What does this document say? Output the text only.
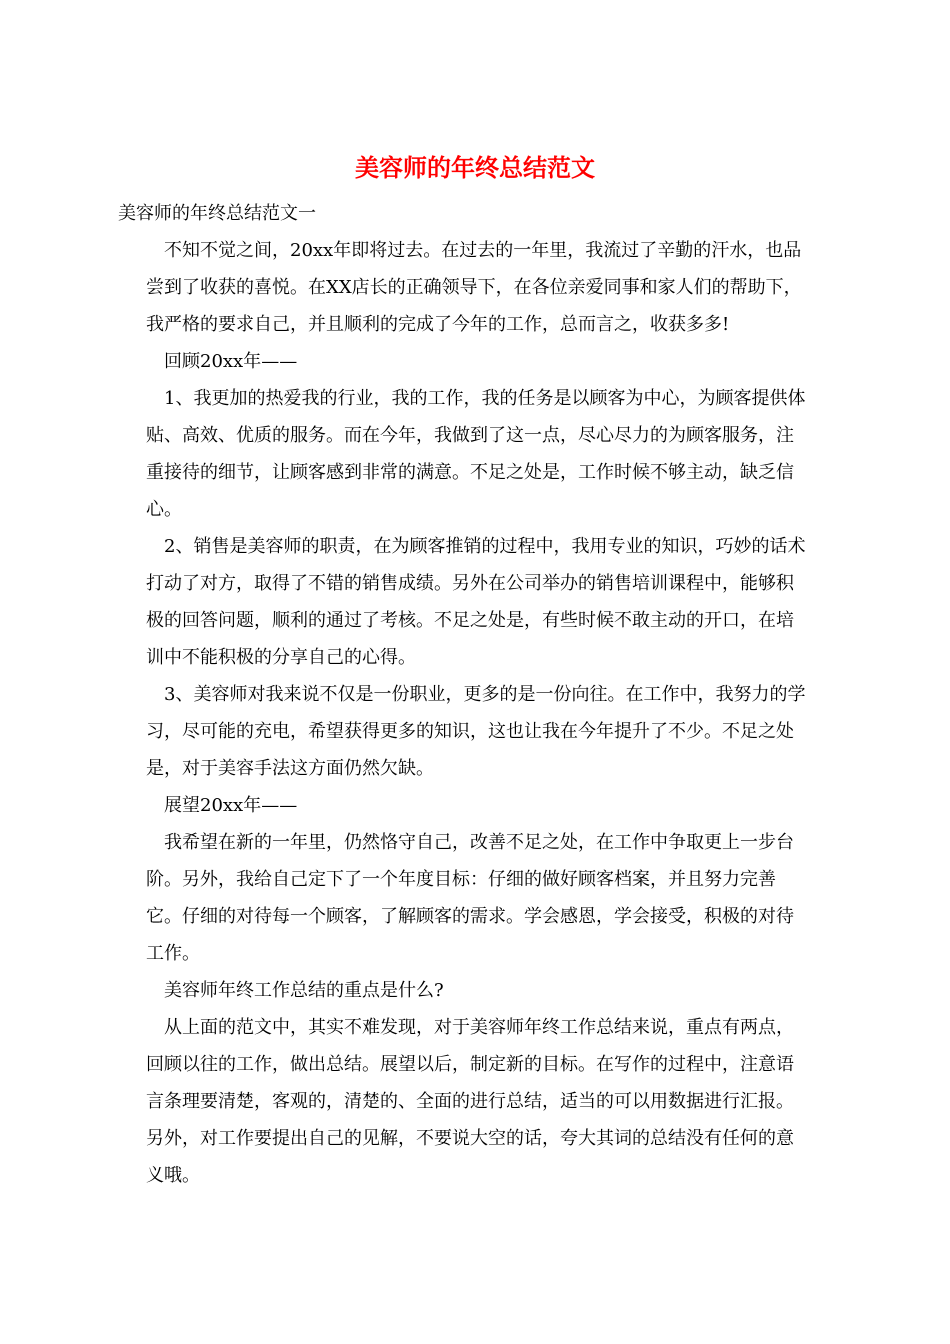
美容师的年终总结范文

美容师的年终总结范文一

不知不觉之间，20xx年即将过去。在过去的一年里，我流过了辛勤的汗水，也品尝到了收获的喜悦。在XX店长的正确领导下，在各位亲爱同事和家人们的帮助下，我严格的要求自己，并且顺利的完成了今年的工作，总而言之，收获多多!

回顾20xx年——

1、我更加的热爱我的行业，我的工作，我的任务是以顾客为中心，为顾客提供体贴、高效、优质的服务。而在今年，我做到了这一点，尽心尽力的为顾客服务，注重接待的细节，让顾客感到非常的满意。不足之处是，工作时候不够主动，缺乏信心。

2、销售是美容师的职责，在为顾客推销的过程中，我用专业的知识，巧妙的话术打动了对方，取得了不错的销售成绩。另外在公司举办的销售培训课程中，能够积极的回答问题，顺利的通过了考核。不足之处是，有些时候不敢主动的开口，在培训中不能积极的分享自己的心得。

3、美容师对我来说不仅是一份职业，更多的是一份向往。在工作中，我努力的学习，尽可能的充电，希望获得更多的知识，这也让我在今年提升了不少。不足之处是，对于美容手法这方面仍然欠缺。

展望20xx年——

我希望在新的一年里，仍然恪守自己，改善不足之处，在工作中争取更上一步台阶。另外，我给自己定下了一个年度目标：仔细的做好顾客档案，并且努力完善它。仔细的对待每一个顾客，了解顾客的需求。学会感恩，学会接受，积极的对待工作。

美容师年终工作总结的重点是什么?

从上面的范文中，其实不难发现，对于美容师年终工作总结来说，重点有两点，回顾以往的工作，做出总结。展望以后，制定新的目标。在写作的过程中，注意语言条理要清楚，客观的，清楚的、全面的进行总结，适当的可以用数据进行汇报。另外，对工作要提出自己的见解，不要说大空的话，夸大其词的总结没有任何的意义哦。
